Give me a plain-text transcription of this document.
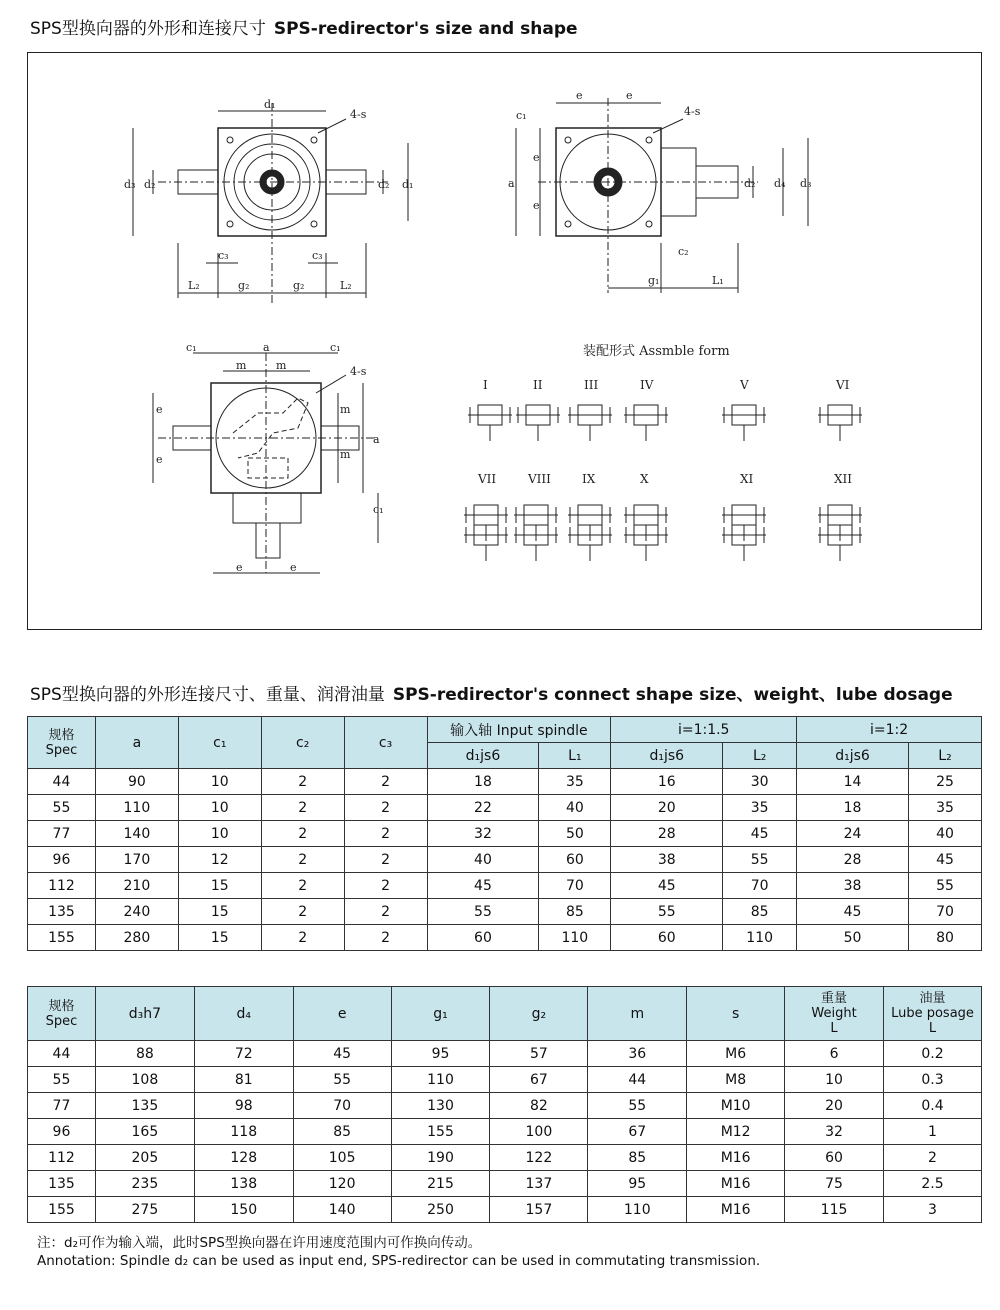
SPS型换向器的外形和连接尺寸 SPS-redirector's size and shape
d₁
4-s
d₃ d₂	d₂ d₁
c₃	c₃
L₂	g₂	g₂	L₂
e	e
4-s
c₁
a
e
e
d₂ d₄ d₃
c₂
g₁	L₁
c₁	a	c₁
m	m	4-s
e
e
m
m
a
c₁
e	e
装配形式 Assmble form
I	II	III	IV	V	VI
VII	VIII	IX	X	XI	XII
SPS型换向器的外形连接尺寸、重量、润滑油量 SPS-redirector's connect shape size、weight、lube dosage
规格
Spec	a	c₁	c₂	c₃	输入轴 Input spindle		i=1:1.5		i=1:2	
					d₁js6	L₁	d₁js6	L₂	d₁js6	L₂
44	90	10	2	2	18	35	16	30	14	25
55	110	10	2	2	22	40	20	35	18	35
77	140	10	2	2	32	50	28	45	24	40
96	170	12	2	2	40	60	38	55	28	45
112	210	15	2	2	45	70	45	70	38	55
135	240	15	2	2	55	85	55	85	45	70
155	280	15	2	2	60	110	60	110	50	80
规格
Spec	d₃h7	d₄	e	g₁	g₂	m	s	重量
Weight
L	油量
Lube posage
L
44	88	72	45	95	57	36	M6	6	0.2
55	108	81	55	110	67	44	M8	10	0.3
77	135	98	70	130	82	55	M10	20	0.4
96	165	118	85	155	100	67	M12	32	1
112	205	128	105	190	122	85	M16	60	2
135	235	138	120	215	137	95	M16	75	2.5
155	275	150	140	250	157	110	M16	115	3
注：d₂可作为输入端，此时SPS型换向器在许用速度范围内可作换向传动。
Annotation: Spindle d₂ can be used as input end, SPS-redirector can be used in commutating transmission.
